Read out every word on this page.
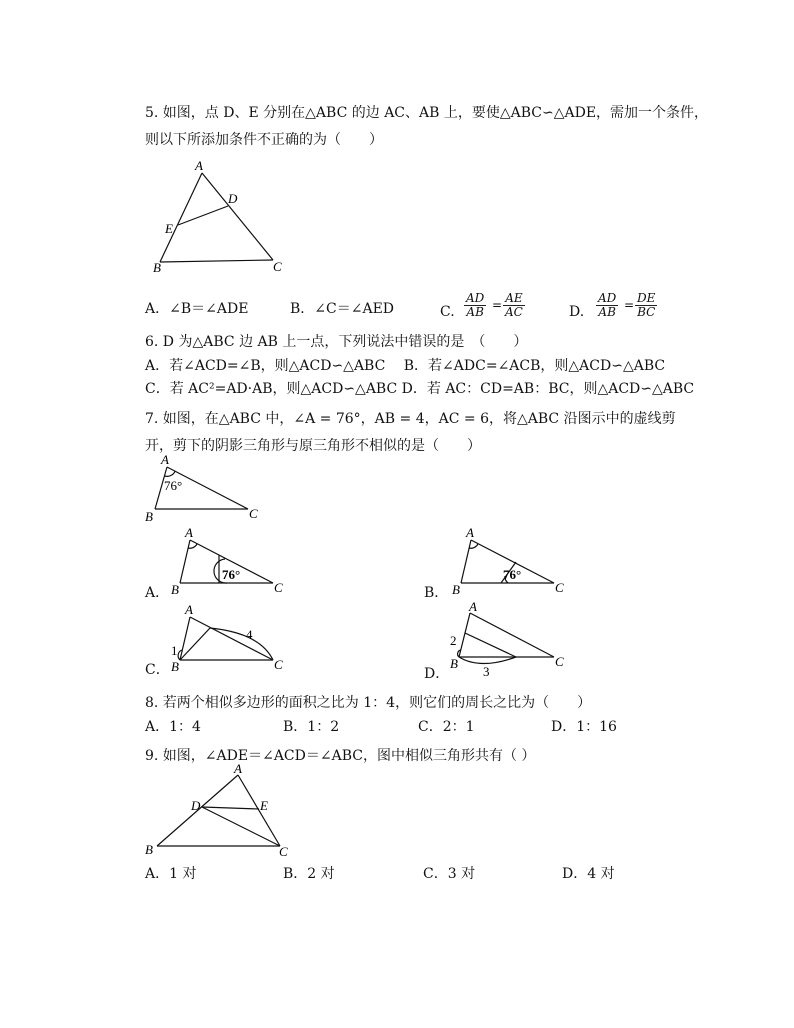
5. 如图，点 D、E 分别在△ABC 的边 AC、AB 上，要使△ABC∽△ADE，需加一个条件，
则以下所添加条件不正确的为（　　）
A
B	C
D
E
A．∠B＝∠ADE	B．∠C＝∠AED	C. $\frac{AD}{AB} = \frac{AE}{AC}$	D. $\frac{AD}{AB} = \frac{DE}{BC}$
6. D 为△ABC 边 AB 上一点，下列说法中错误的是　（　　）
A．若∠ACD=∠B，则△ACD∽△ABC　 B．若∠ADC=∠ACB，则△ACD∽△ABC
C．若 AC²=AD·AB，则△ACD∽△ABC D．若 AC：CD=AB：BC，则△ACD∽△ABC
7. 如图，在△ABC 中，∠A = 76°，AB = 4，AC = 6，将△ABC 沿图示中的虚线剪
开，剪下的阴影三角形与原三角形不相似的是（　　）
A
B	C
76°
A．
A
B	C
76°
B．
A
B	C
76°
C．
A
B	C
1
4
D．
A
B	C
2
3
8. 若两个相似多边形的面积之比为 1：4，则它们的周长之比为（　　）
A．1：4	B．1：2	C．2：1	D．1：16
9. 如图，∠ADE＝∠ACD＝∠ABC，图中相似三角形共有（ ）
A
B	C
D	E
A．1 对	B．2 对	C．3 对	D．4 对
